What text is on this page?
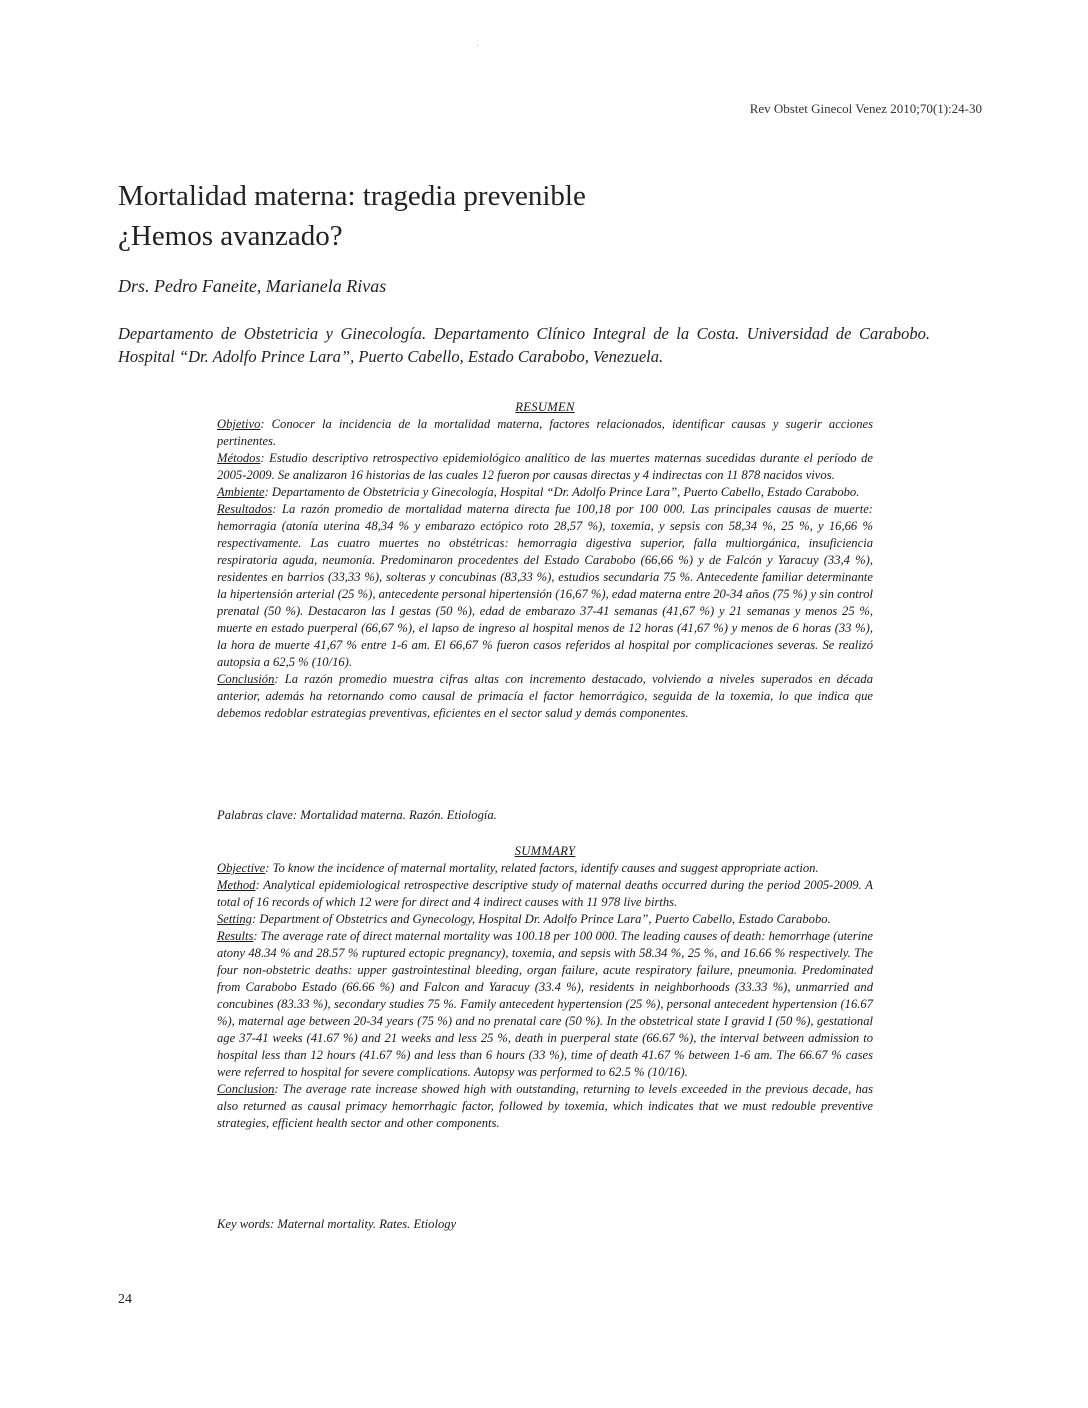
Rev Obstet Ginecol Venez 2010;70(1):24-30
Mortalidad materna: tragedia prevenible
¿Hemos avanzado?
Drs. Pedro Faneite, Marianela Rivas
Departamento de Obstetricia y Ginecología. Departamento Clínico Integral de la Costa. Universidad de Carabobo. Hospital “Dr. Adolfo Prince Lara”, Puerto Cabello, Estado Carabobo, Venezuela.
RESUMEN

Objetivo: Conocer la incidencia de la mortalidad materna, factores relacionados, identificar causas y sugerir acciones pertinentes.

Métodos: Estudio descriptivo retrospectivo epidemiológico analítico de las muertes maternas sucedidas durante el período de 2005-2009. Se analizaron 16 historias de las cuales 12 fueron por causas directas y 4 indirectas con 11 878 nacidos vivos.

Ambiente: Departamento de Obstetricia y Ginecología, Hospital “Dr. Adolfo Prince Lara”, Puerto Cabello, Estado Carabobo.

Resultados: La razón promedio de mortalidad materna directa fue 100,18 por 100 000. Las principales causas de muerte: hemorragia (atonía uterina 48,34 % y embarazo ectópico roto 28,57 %), toxemia, y sepsis con 58,34 %, 25 %, y 16,66 % respectivamente. Las cuatro muertes no obstétricas: hemorragia digestiva superior, falla multiorgánica, insuficiencia respiratoria aguda, neumonía. Predominaron procedentes del Estado Carabobo (66,66 %) y de Falcón y Yaracuy (33,4 %), residentes en barrios (33,33 %), solteras y concubinas (83,33 %), estudios secundaria 75 %. Antecedente familiar determinante la hipertensión arterial (25 %), antecedente personal hipertensión (16,67 %), edad materna entre 20-34 años (75 %) y sin control prenatal (50 %). Destacaron las I gestas (50 %), edad de embarazo 37-41 semanas (41,67 %) y 21 semanas y menos 25 %, muerte en estado puerperal (66,67 %), el lapso de ingreso al hospital menos de 12 horas (41,67 %) y menos de 6 horas (33 %), la hora de muerte 41,67 % entre 1-6 am. El 66,67 % fueron casos referidos al hospital por complicaciones severas. Se realizó autopsia a 62,5 % (10/16).

Conclusión: La razón promedio muestra cifras altas con incremento destacado, volviendo a niveles superados en década anterior, además ha retornando como causal de primacía el factor hemorrágico, seguida de la toxemia, lo que indica que debemos redoblar estrategias preventivas, eficientes en el sector salud y demás componentes.

Palabras clave: Mortalidad materna. Razón. Etiología.
SUMMARY

Objective: To know the incidence of maternal mortality, related factors, identify causes and suggest appropriate action.

Method: Analytical epidemiological retrospective descriptive study of maternal deaths occurred during the period 2005-2009. A total of 16 records of which 12 were for direct and 4 indirect causes with 11 978 live births.

Setting: Department of Obstetrics and Gynecology, Hospital Dr. Adolfo Prince Lara”, Puerto Cabello, Estado Carabobo.

Results: The average rate of direct maternal mortality was 100.18 per 100 000. The leading causes of death: hemorrhage (uterine atony 48.34 % and 28.57 % ruptured ectopic pregnancy), toxemia, and sepsis with 58.34 %, 25 %, and 16.66 % respectively. The four non-obstetric deaths: upper gastrointestinal bleeding, organ failure, acute respiratory failure, pneumonia. Predominated from Carabobo Estado (66.66 %) and Falcon and Yaracuy (33.4 %), residents in neighborhoods (33.33 %), unmarried and concubines (83.33 %), secondary studies 75 %. Family antecedent hypertension (25 %), personal antecedent hypertension (16.67 %), maternal age between 20-34 years (75 %) and no prenatal care (50 %). In the obstetrical state I gravid I (50 %), gestational age 37-41 weeks (41.67 %) and 21 weeks and less 25 %, death in puerperal state (66.67 %), the interval between admission to hospital less than 12 hours (41.67 %) and less than 6 hours (33 %), time of death 41.67 % between 1-6 am. The 66.67 % cases were referred to hospital for severe complications. Autopsy was performed to 62.5 % (10/16).

Conclusion: The average rate increase showed high with outstanding, returning to levels exceeded in the previous decade, has also returned as causal primacy hemorrhagic factor, followed by toxemia, which indicates that we must redouble preventive strategies, efficient health sector and other components.

Key words: Maternal mortality. Rates. Etiology
24
